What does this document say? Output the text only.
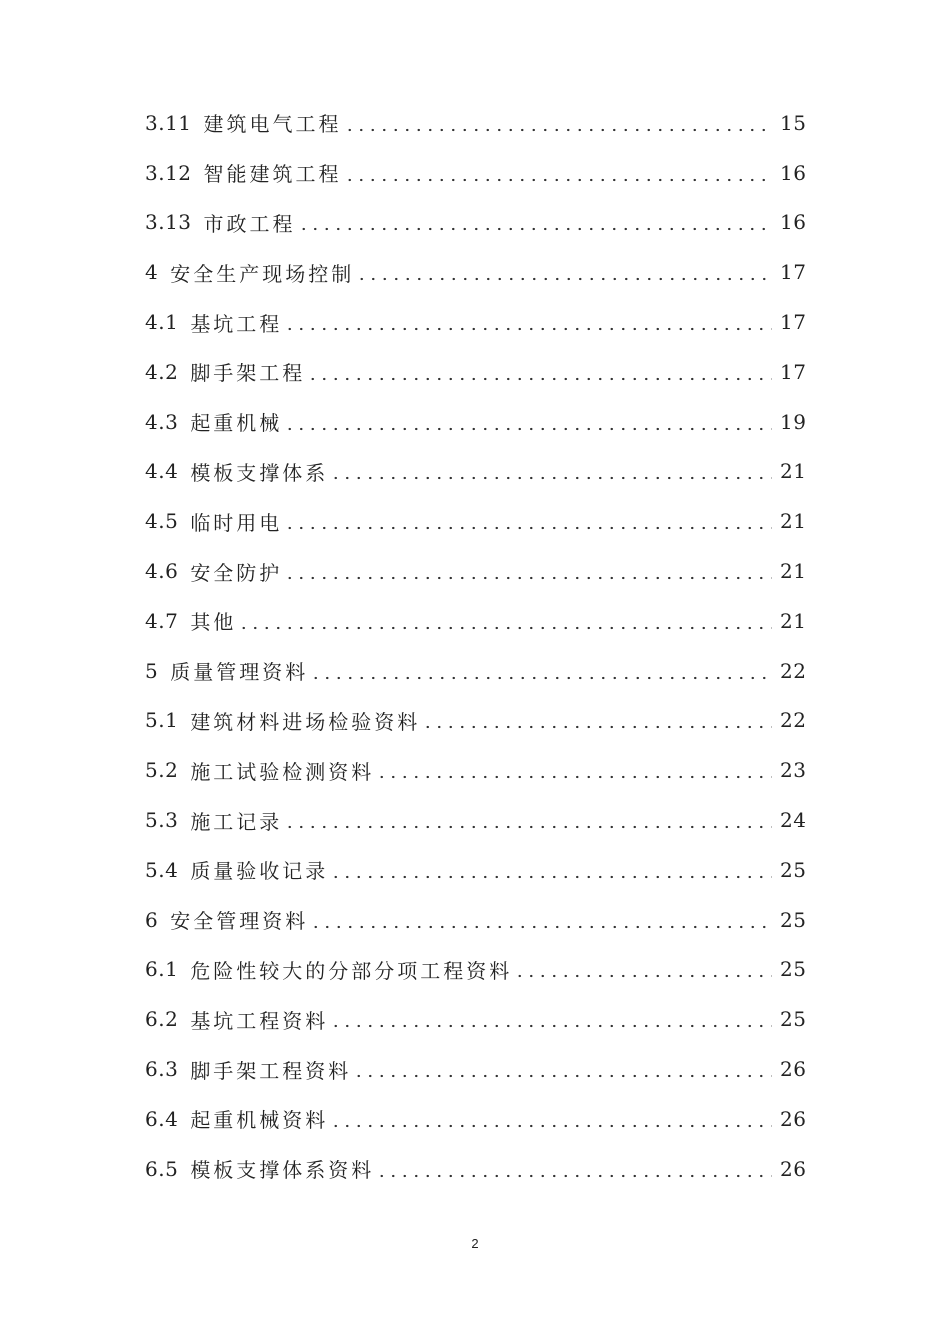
3.11 建筑电气工程	15
3.12 智能建筑工程	16
3.13 市政工程	16
4 安全生产现场控制	17
4.1 基坑工程	17
4.2 脚手架工程	17
4.3 起重机械	19
4.4 模板支撑体系	21
4.5 临时用电	21
4.6 安全防护	21
4.7 其他	21
5 质量管理资料	22
5.1 建筑材料进场检验资料	22
5.2 施工试验检测资料	23
5.3 施工记录	24
5.4 质量验收记录	25
6 安全管理资料	25
6.1 危险性较大的分部分项工程资料	25
6.2 基坑工程资料	25
6.3 脚手架工程资料	26
6.4 起重机械资料	26
6.5 模板支撑体系资料	26
2
